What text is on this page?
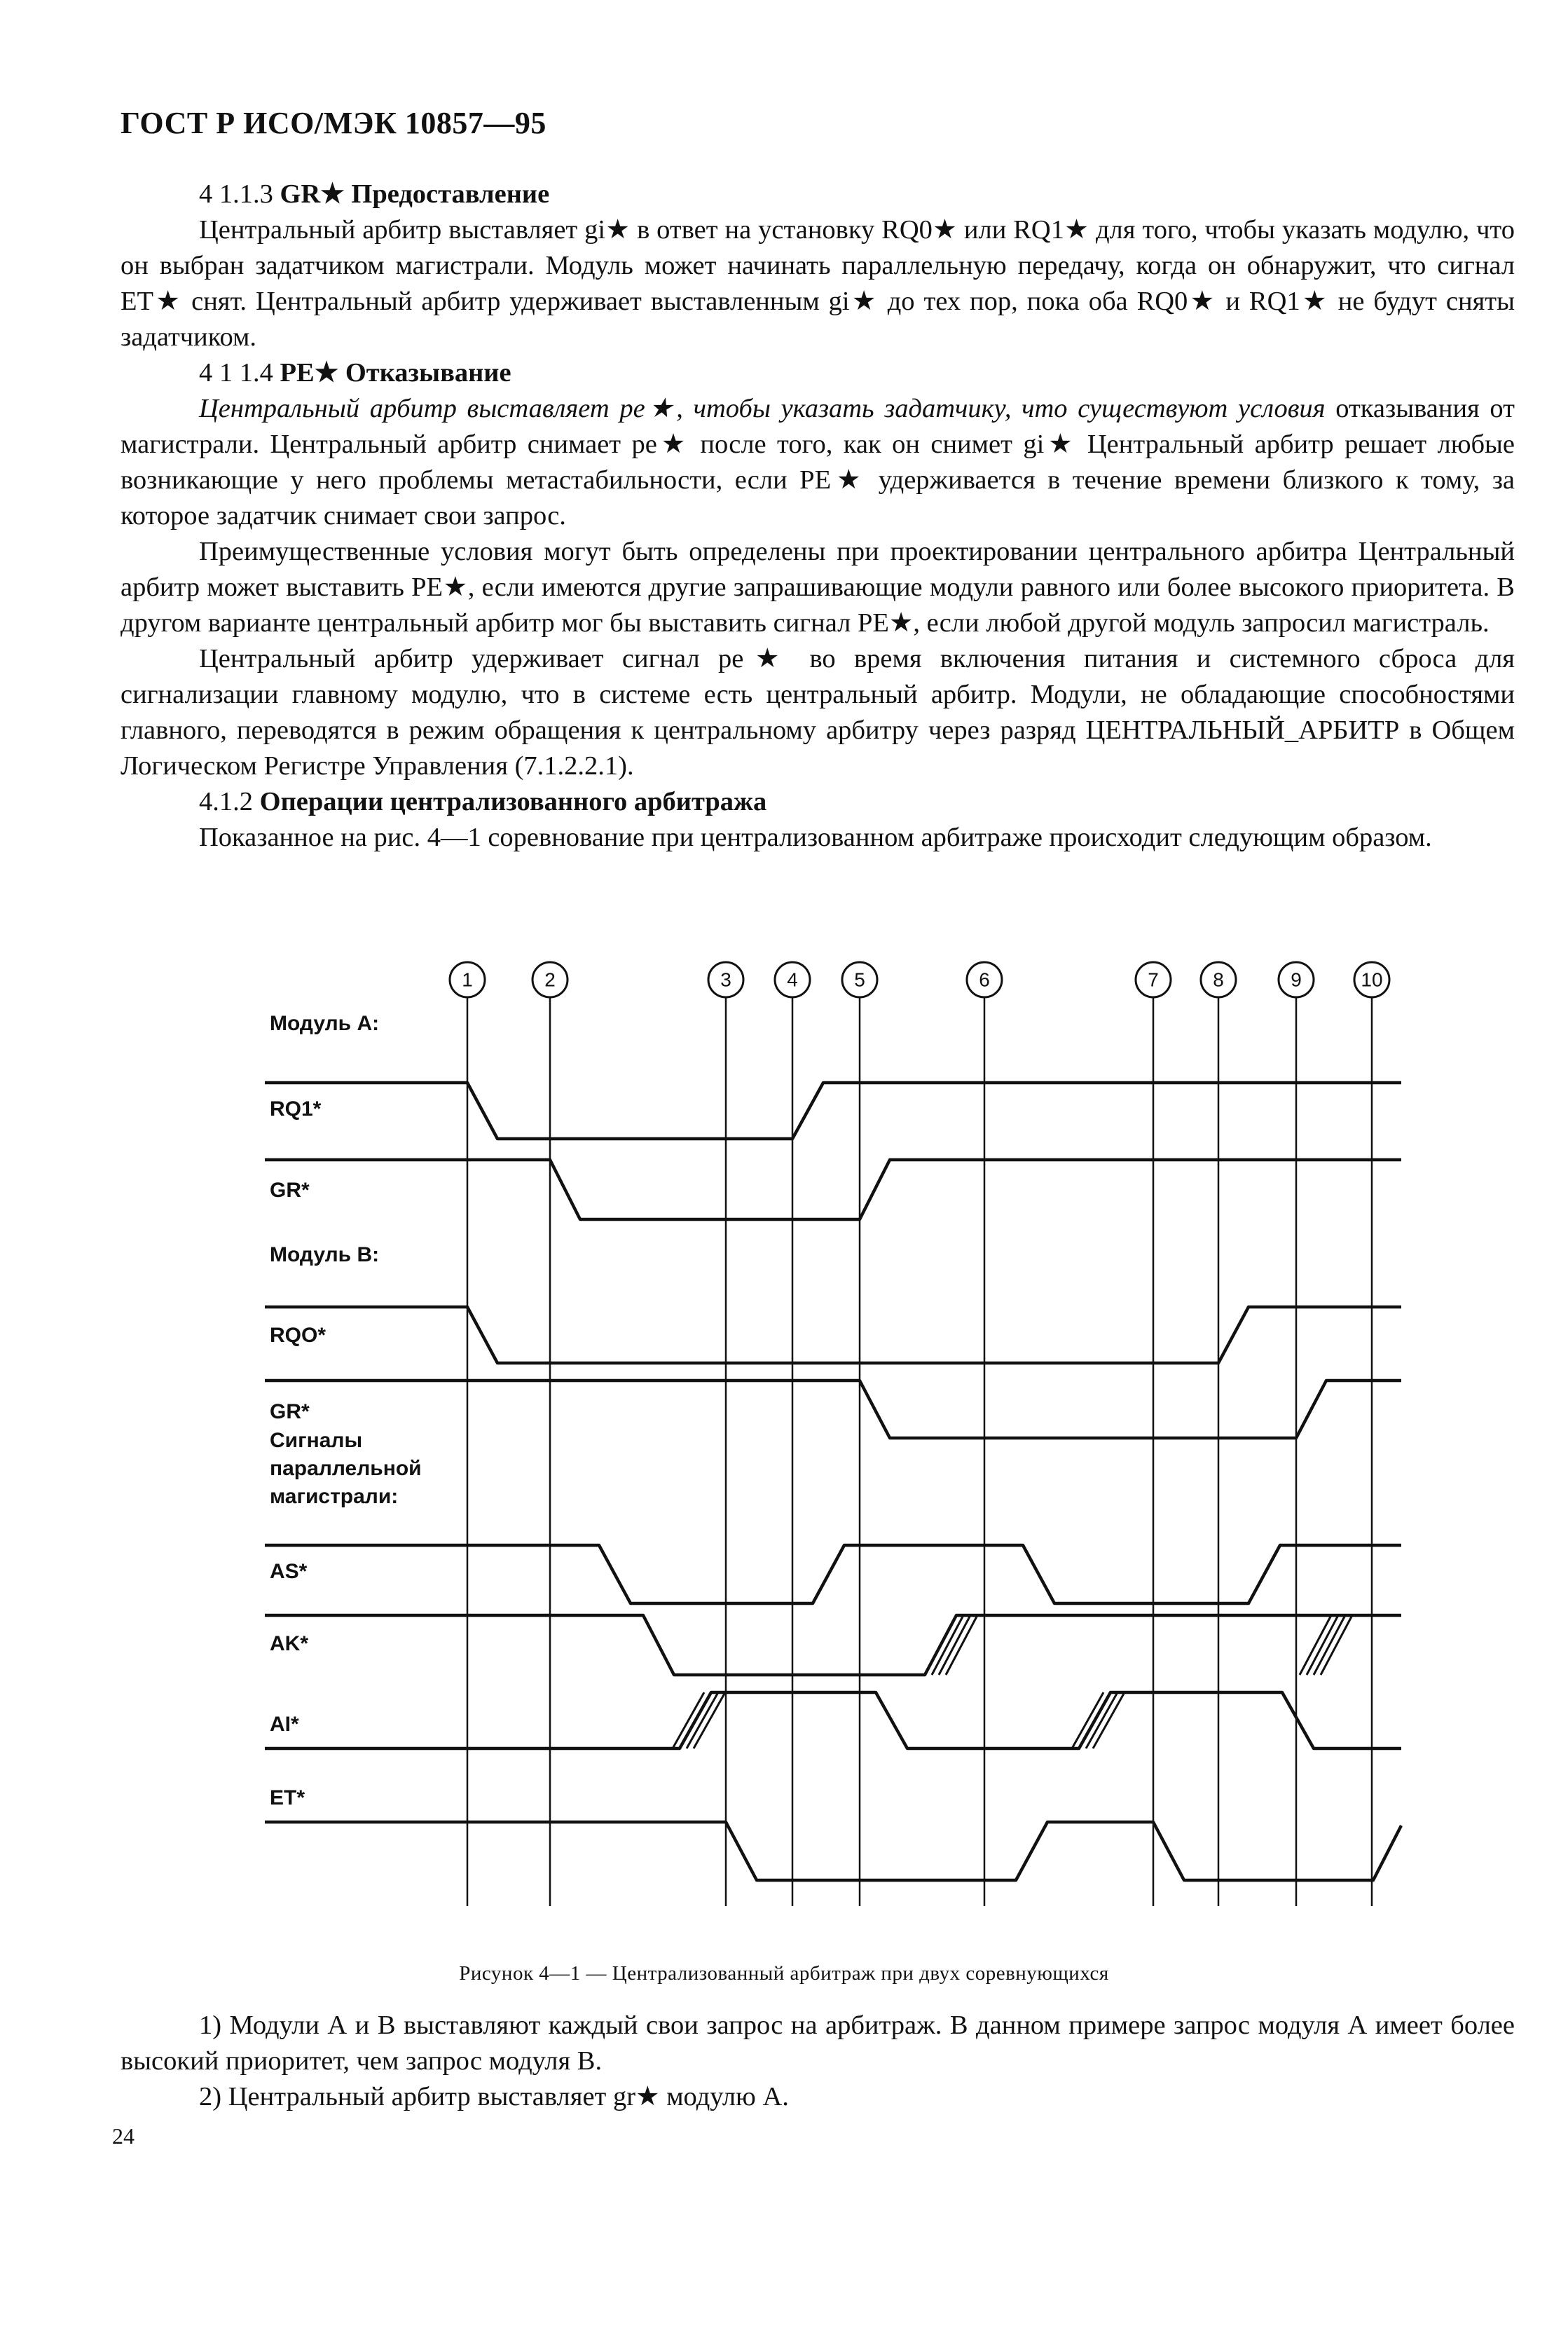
ГОСТ Р ИСО/МЭК 10857—95

4 1.1.3 GR★ Предоставление

Центральный арбитр выставляет gi★ в ответ на установку RQ0★ или RQ1★ для того, чтобы указать модулю, что он выбран задатчиком магистрали. Модуль может начинать параллельную передачу, когда он обнаружит, что сигнал ET★ снят. Центральный арбитр удерживает выставленным gi★ до тех пор, пока оба RQ0★ и RQ1★ не будут сняты задатчиком.

4 1 1.4 PE★ Отказывание

Центральный арбитр выставляет pe★, чтобы указать задатчику, что существуют условия отказывания от магистрали. Центральный арбитр снимает pe★ после того, как он снимет gi★ Центральный арбитр решает любые возникающие у него проблемы метастабильности, если PE★ удерживается в течение времени близкого к тому, за которое задатчик снимает свои запрос.

Преимущественные условия могут быть определены при проектировании центрального арбитра Центральный арбитр может выставить PE★, если имеются другие запрашивающие модули равного или более высокого приоритета. В другом варианте центральный арбитр мог бы выставить сигнал PE★, если любой другой модуль запросил магистраль.

Центральный арбитр удерживает сигнал pe★ во время включения питания и системного сброса для сигнализации главному модулю, что в системе есть центральный арбитр. Модули, не обладающие способностями главного, переводятся в режим обращения к центральному арбитру через разряд ЦЕНТРАЛЬНЫЙ_АРБИТР в Общем Логическом Регистре Управления (7.1.2.2.1).

4.1.2 Операции централизованного арбитража

Показанное на рис. 4—1 соревнование при централизованном арбитраже происходит следующим образом.

1	2	3	4	5	6	7	8	9	10
Модуль А:
RQ1*
GR*
Модуль В:
RQO*
GR*
Сигналы
параллельной
магистрали:
AS*
AK*
AI*
ET*
Рисунок 4—1 — Централизованный арбитраж при двух соревнующихся

1) Модули А и В выставляют каждый свои запрос на арбитраж. В данном примере запрос модуля А имеет более высокий приоритет, чем запрос модуля В.

2) Центральный арбитр выставляет gr★ модулю А.

24
